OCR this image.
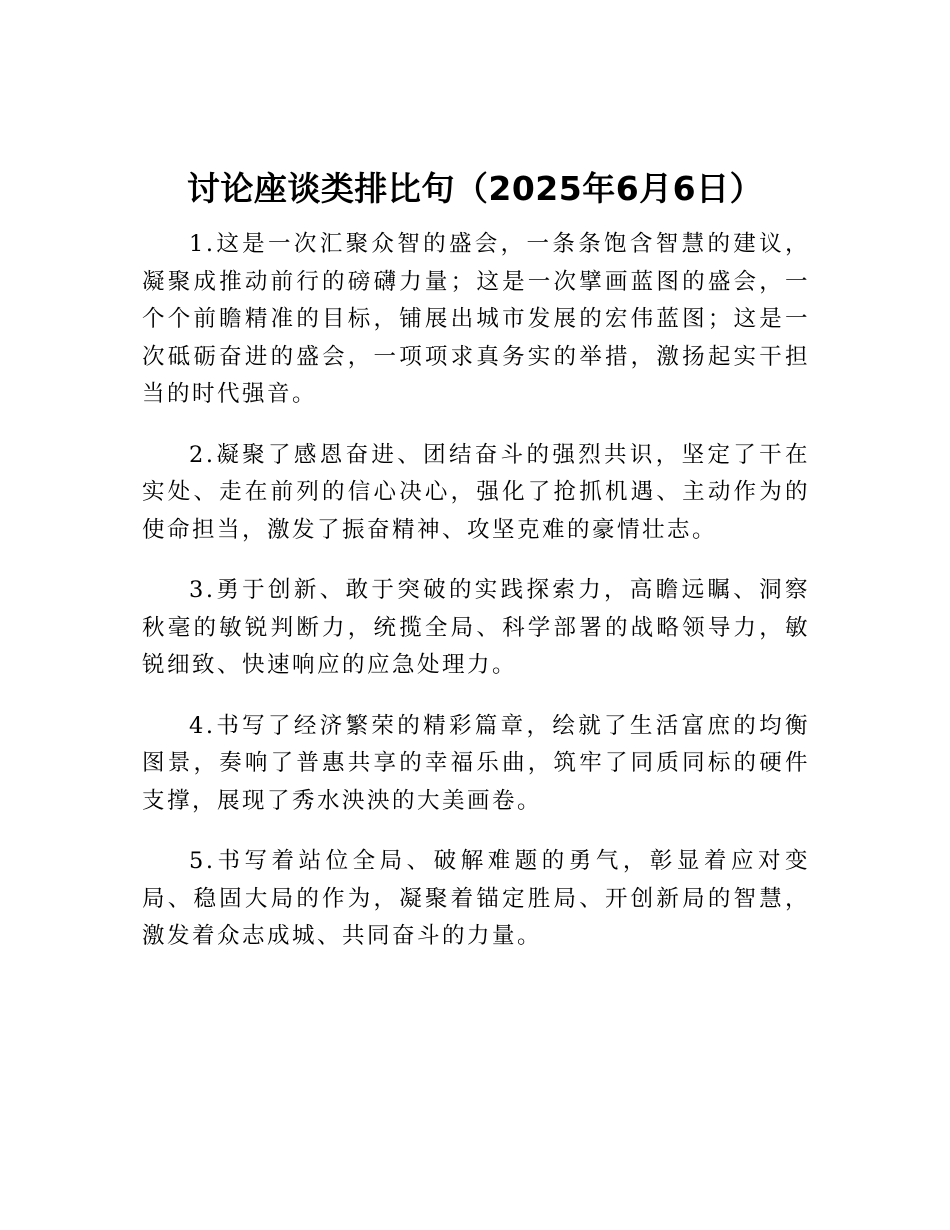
讨论座谈类排比句（2025年6月6日）

1.这是一次汇聚众智的盛会，一条条饱含智慧的建议，凝聚成推动前行的磅礴力量；这是一次擘画蓝图的盛会，一个个前瞻精准的目标，铺展出城市发展的宏伟蓝图；这是一次砥砺奋进的盛会，一项项求真务实的举措，激扬起实干担当的时代强音。

2.凝聚了感恩奋进、团结奋斗的强烈共识，坚定了干在实处、走在前列的信心决心，强化了抢抓机遇、主动作为的使命担当，激发了振奋精神、攻坚克难的豪情壮志。

3.勇于创新、敢于突破的实践探索力，高瞻远瞩、洞察秋毫的敏锐判断力，统揽全局、科学部署的战略领导力，敏锐细致、快速响应的应急处理力。

4.书写了经济繁荣的精彩篇章，绘就了生活富庶的均衡图景，奏响了普惠共享的幸福乐曲，筑牢了同质同标的硬件支撑，展现了秀水泱泱的大美画卷。

5.书写着站位全局、破解难题的勇气，彰显着应对变局、稳固大局的作为，凝聚着锚定胜局、开创新局的智慧，激发着众志成城、共同奋斗的力量。
